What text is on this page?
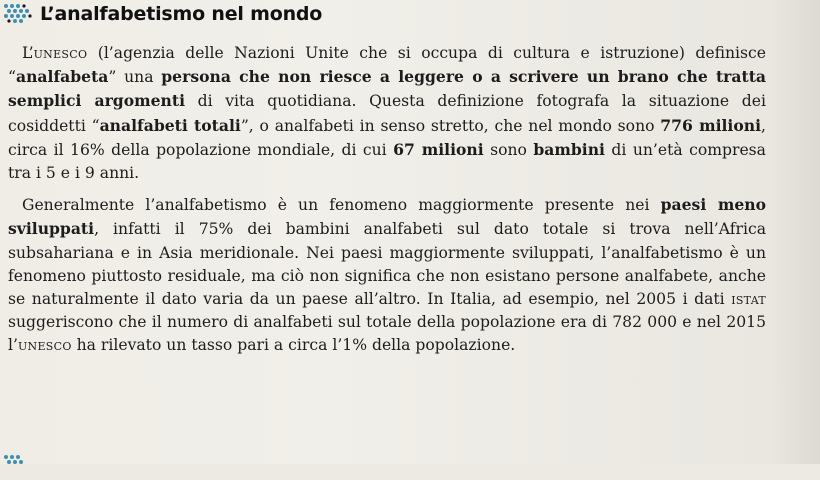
L’analfabetismo nel mondo

L’unesco (l’agenzia delle Nazioni Unite che si occupa di cultura e istruzione) definisce “analfabeta” una persona che non riesce a leggere o a scrivere un brano che tratta semplici argomenti di vita quotidiana. Questa definizione fotografa la situazione dei cosiddetti “analfabeti totali”, o analfabeti in senso stretto, che nel mondo sono 776 milioni, circa il 16% della popolazione mondiale, di cui 67 milioni sono bambini di un’età compresa tra i 5 e i 9 anni.

Generalmente l’analfabetismo è un fenomeno maggiormente presente nei paesi meno sviluppati, infatti il 75% dei bambini analfabeti sul dato totale si trova nell’Africa subsahariana e in Asia meridionale. Nei paesi maggiormente sviluppati, l’analfabetismo è un fenomeno piuttosto residuale, ma ciò non significa che non esistano persone analfabete, anche se naturalmente il dato varia da un paese all’altro. In Italia, ad esempio, nel 2005 i dati istat suggeriscono che il numero di analfabeti sul totale della popolazione era di 782 000 e nel 2015 l’unesco ha rilevato un tasso pari a circa l’1% della popolazione.
